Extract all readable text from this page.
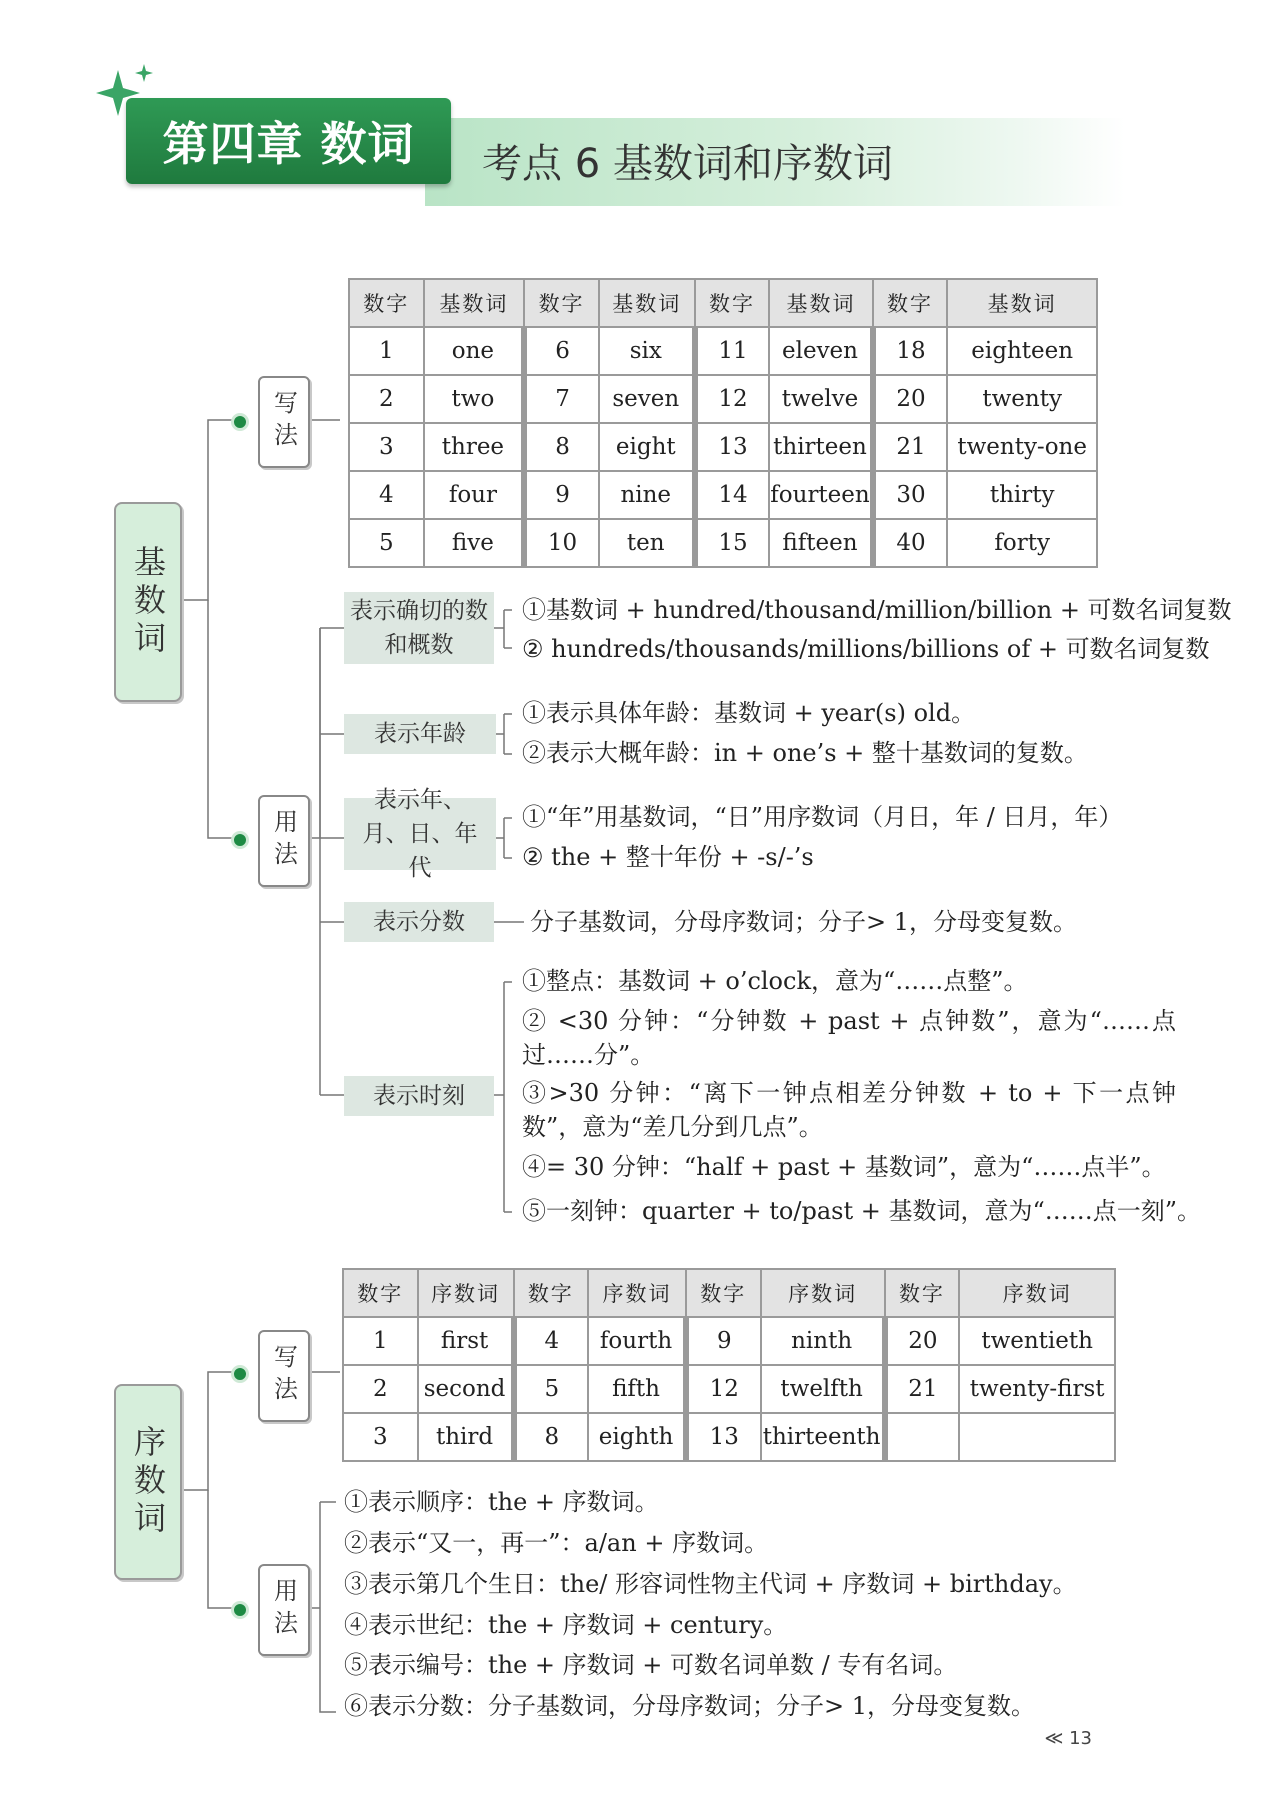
第四章 数词	考点 6 基数词和序数词
基数词
写法
用法
数字	基数词	数字	基数词	数字	基数词	数字	基数词
1	one	6	six	11	eleven	18	eighteen
2	two	7	seven	12	twelve	20	twenty
3	three	8	eight	13	thirteen	21	twenty-one
4	four	9	nine	14	fourteen	30	thirty
5	five	10	ten	15	fifteen	40	forty
表示确切的数和概数
①基数词 + hundred/thousand/million/billion + 可数名词复数
② hundreds/thousands/millions/billions of + 可数名词复数
表示年龄
①表示具体年龄：基数词 + year(s) old。
②表示大概年龄：in + one’s + 整十基数词的复数。
表示年、月、日、年代
①“年”用基数词，“日”用序数词（月日，年 / 日月，年）
② the + 整十年份 + -s/-’s
表示分数	分子基数词，分母序数词；分子> 1，分母变复数。
表示时刻
①整点：基数词 + o’clock，意为“……点整”。
② <30 分钟：“分钟数 + past + 点钟数”，意为“……点过……分”。
③>30 分钟：“离下一钟点相差分钟数 + to + 下一点钟数”，意为“差几分到几点”。
④= 30 分钟：“half + past + 基数词”，意为“……点半”。
⑤一刻钟：quarter + to/past + 基数词，意为“……点一刻”。
序数词
写法
用法
数字	序数词	数字	序数词	数字	序数词	数字	序数词
1	first	4	fourth	9	ninth	20	twentieth
2	second	5	fifth	12	twelfth	21	twenty-first
3	third	8	eighth	13	thirteenth		
①表示顺序：the + 序数词。
②表示“又一，再一”：a/an + 序数词。
③表示第几个生日：the/ 形容词性物主代词 + 序数词 + birthday。
④表示世纪：the + 序数词 + century。
⑤表示编号：the + 序数词 + 可数名词单数 / 专有名词。
⑥表示分数：分子基数词，分母序数词；分子> 1，分母变复数。
≪ 13
